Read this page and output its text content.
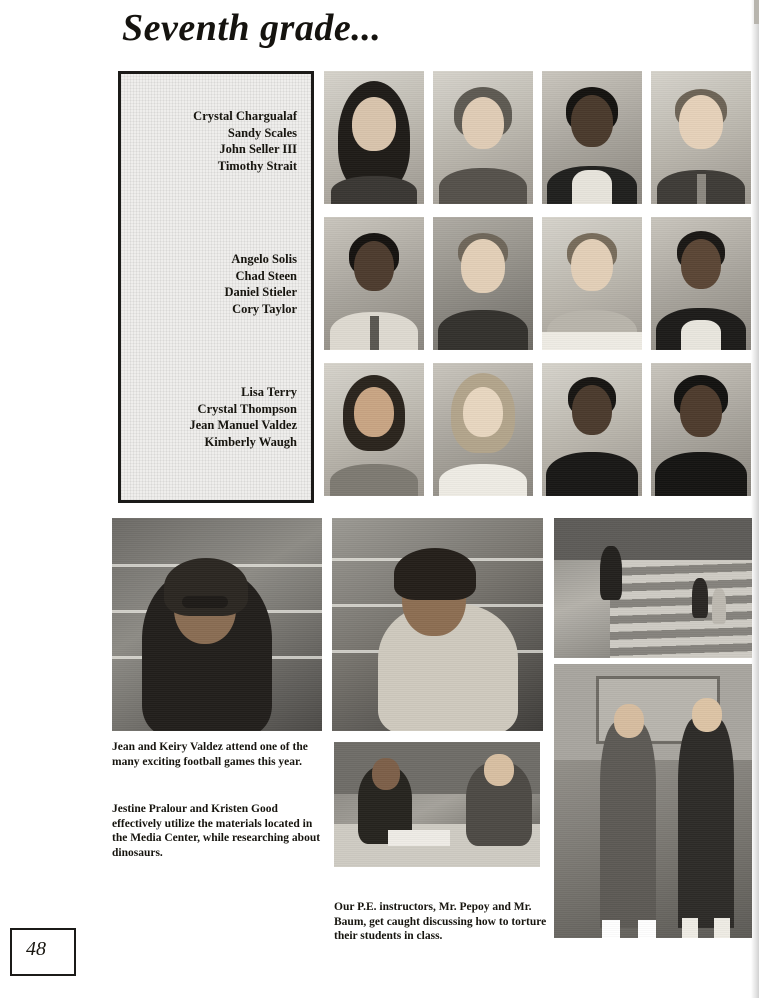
Seventh grade...
Crystal Chargualaf
Sandy Scales
John Seller III
Timothy Strait
Angelo Solis
Chad Steen
Daniel Stieler
Cory Taylor
Lisa Terry
Crystal Thompson
Jean Manuel Valdez
Kimberly Waugh
Jean and Keiry Valdez attend one of the many exciting football games this year.
Jestine Pralour and Kristen Good effectively utilize the materials located in the Media Center, while researching about dinosaurs.
Our P.E. instructors, Mr. Pepoy and Mr. Baum, get caught discussing how to torture their students in class.
48
